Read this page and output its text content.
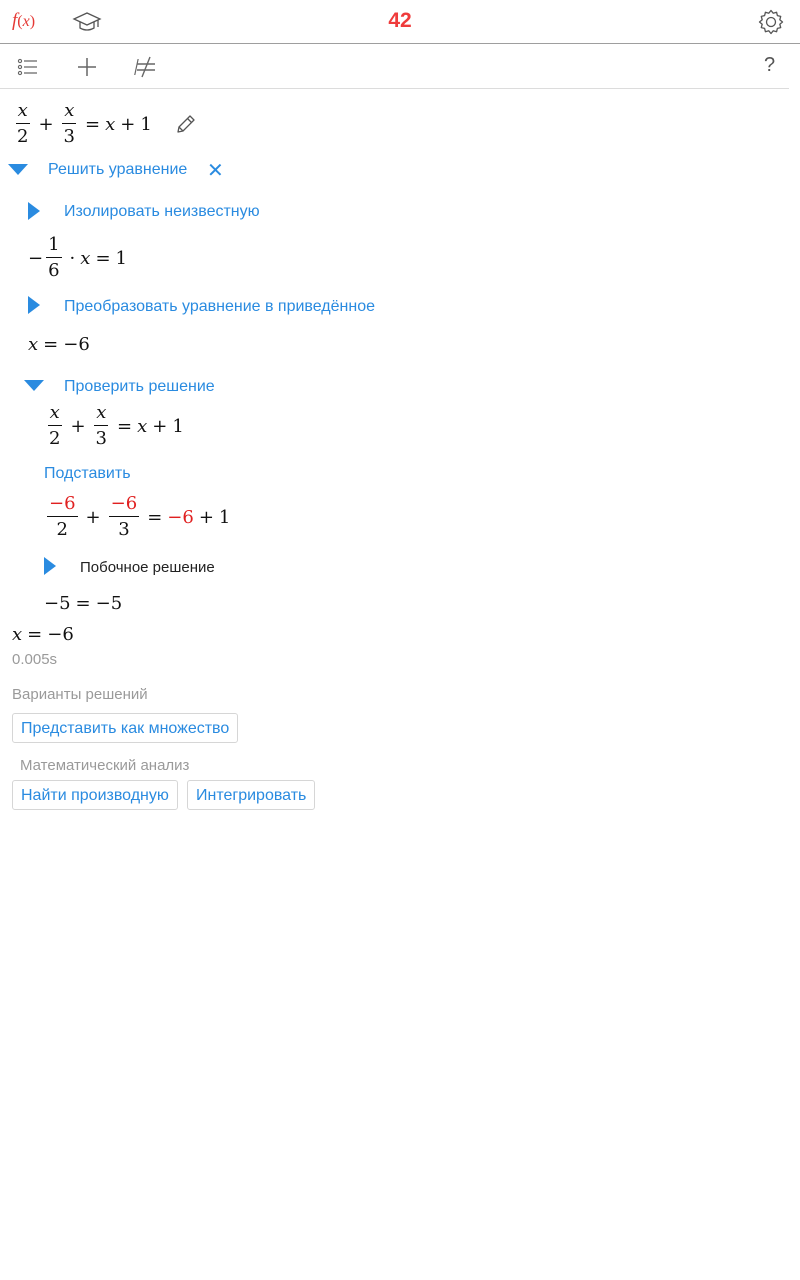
f ( x )	42
?
$\frac{x}{2} + \frac{x}{3} = x + 1$
Решить уравнение ✕
Изолировать неизвестную
− $\frac{1}{6} \cdot x = 1$
Преобразовать уравнение в приведённое
x = −6
Проверить решение
$\frac{x}{2} + \frac{x}{3} = x + 1$
Подставить
$\frac{-6}{2} + \frac{-6}{3} = -6 + 1$
Побочное решение
−5 = −5
x = −6
0.005s
Варианты решений
Представить как множество
Математический анализ
Найти производную	Интегрировать
